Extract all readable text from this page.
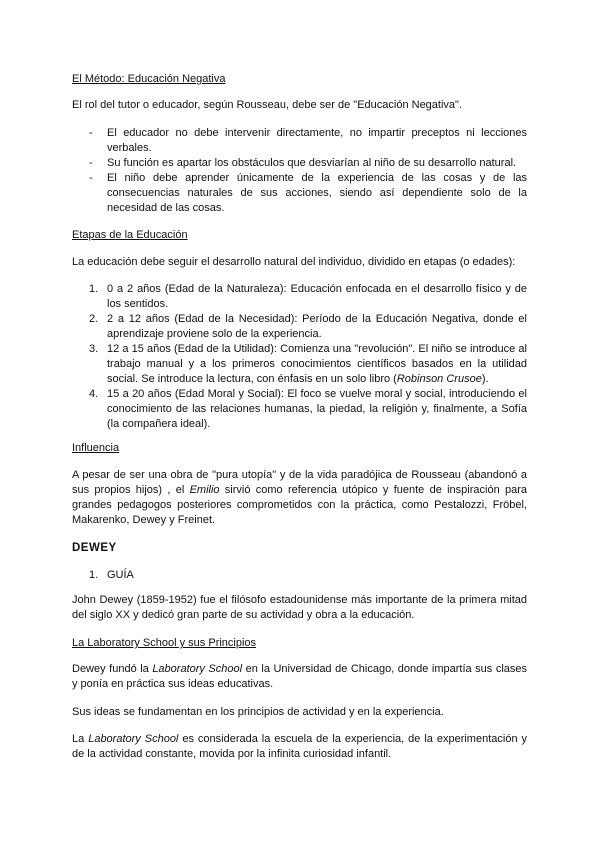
El Método: Educación Negativa

El rol del tutor o educador, según Rousseau, debe ser de "Educación Negativa".

- El educador no debe intervenir directamente, no impartir preceptos ni lecciones verbales.
- Su función es apartar los obstáculos que desviarían al niño de su desarrollo natural.
- El niño debe aprender únicamente de la experiencia de las cosas y de las consecuencias naturales de sus acciones, siendo así dependiente solo de la necesidad de las cosas.
Etapas de la Educación

La educación debe seguir el desarrollo natural del individuo, dividido en etapas (o edades):

1. 0 a 2 años (Edad de la Naturaleza): Educación enfocada en el desarrollo físico y de los sentidos.
2. 2 a 12 años (Edad de la Necesidad): Período de la Educación Negativa, donde el aprendizaje proviene solo de la experiencia.
3. 12 a 15 años (Edad de la Utilidad): Comienza una "revolución". El niño se introduce al trabajo manual y a los primeros conocimientos científicos basados en la utilidad social. Se introduce la lectura, con énfasis en un solo libro (Robinson Crusoe).
4. 15 a 20 años (Edad Moral y Social): El foco se vuelve moral y social, introduciendo el conocimiento de las relaciones humanas, la piedad, la religión y, finalmente, a Sofía (la compañera ideal).
Influencia

A pesar de ser una obra de "pura utopía" y de la vida paradójica de Rousseau (abandonó a sus propios hijos) , el Emilio sirvió como referencia utópico y fuente de inspiración para grandes pedagogos posteriores comprometidos con la práctica, como Pestalozzi, Fröbel, Makarenko, Dewey y Freinet.

DEWEY
1. GUÍA

John Dewey (1859-1952) fue el filósofo estadounidense más importante de la primera mitad del siglo XX y dedicó gran parte de su actividad y obra a la educación.

La Laboratory School y sus Principios

Dewey fundó la Laboratory School en la Universidad de Chicago, donde impartía sus clases y ponía en práctica sus ideas educativas.

Sus ideas se fundamentan en los principios de actividad y en la experiencia.

La Laboratory School es considerada la escuela de la experiencia, de la experimentación y de la actividad constante, movida por la infinita curiosidad infantil.
